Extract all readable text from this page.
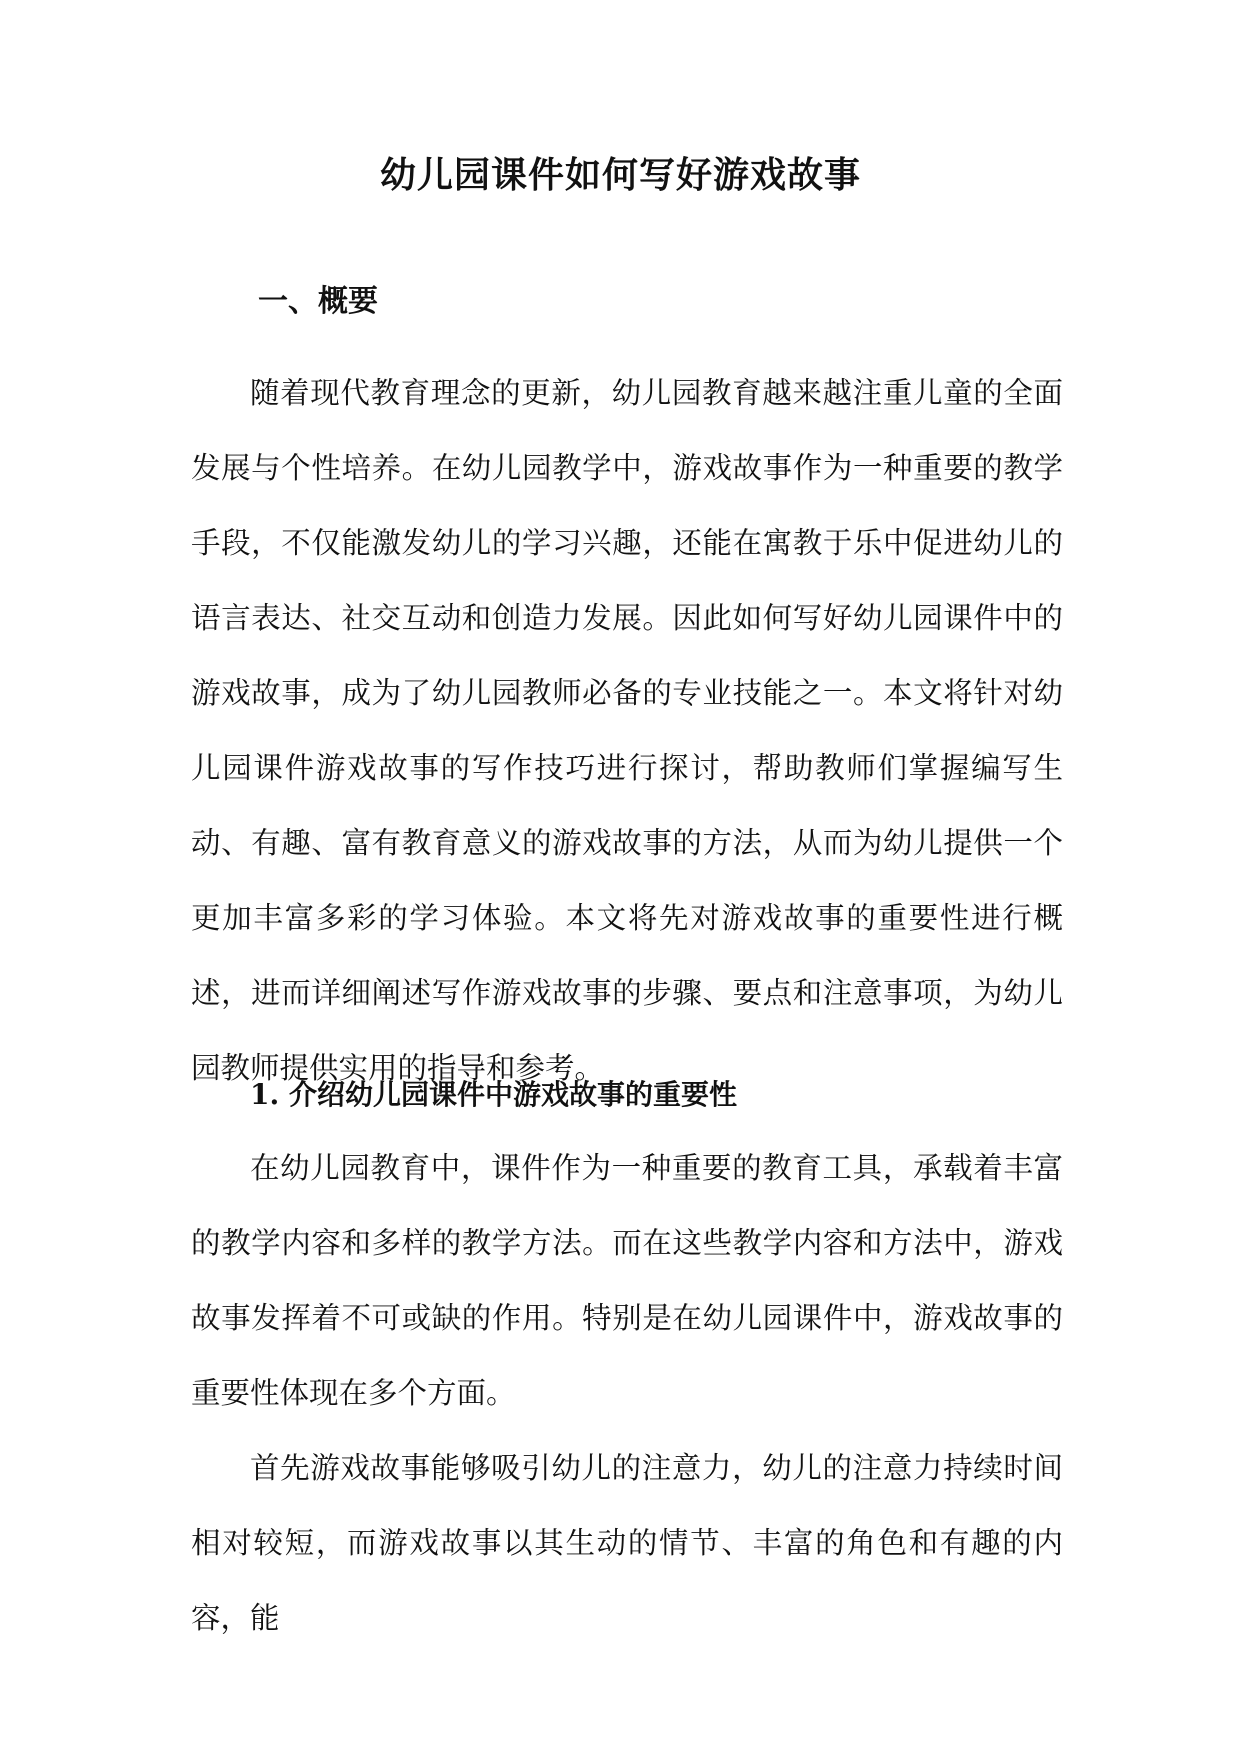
幼儿园课件如何写好游戏故事
一、概要

随着现代教育理念的更新，幼儿园教育越来越注重儿童的全面发展与个性培养。在幼儿园教学中，游戏故事作为一种重要的教学手段，不仅能激发幼儿的学习兴趣，还能在寓教于乐中促进幼儿的语言表达、社交互动和创造力发展。因此如何写好幼儿园课件中的游戏故事，成为了幼儿园教师必备的专业技能之一。本文将针对幼儿园课件游戏故事的写作技巧进行探讨，帮助教师们掌握编写生动、有趣、富有教育意义的游戏故事的方法，从而为幼儿提供一个更加丰富多彩的学习体验。本文将先对游戏故事的重要性进行概述，进而详细阐述写作游戏故事的步骤、要点和注意事项，为幼儿园教师提供实用的指导和参考。

1. 介绍幼儿园课件中游戏故事的重要性

在幼儿园教育中，课件作为一种重要的教育工具，承载着丰富的教学内容和多样的教学方法。而在这些教学内容和方法中，游戏故事发挥着不可或缺的作用。特别是在幼儿园课件中，游戏故事的重要性体现在多个方面。

首先游戏故事能够吸引幼儿的注意力，幼儿的注意力持续时间相对较短，而游戏故事以其生动的情节、丰富的角色和有趣的内容，能
